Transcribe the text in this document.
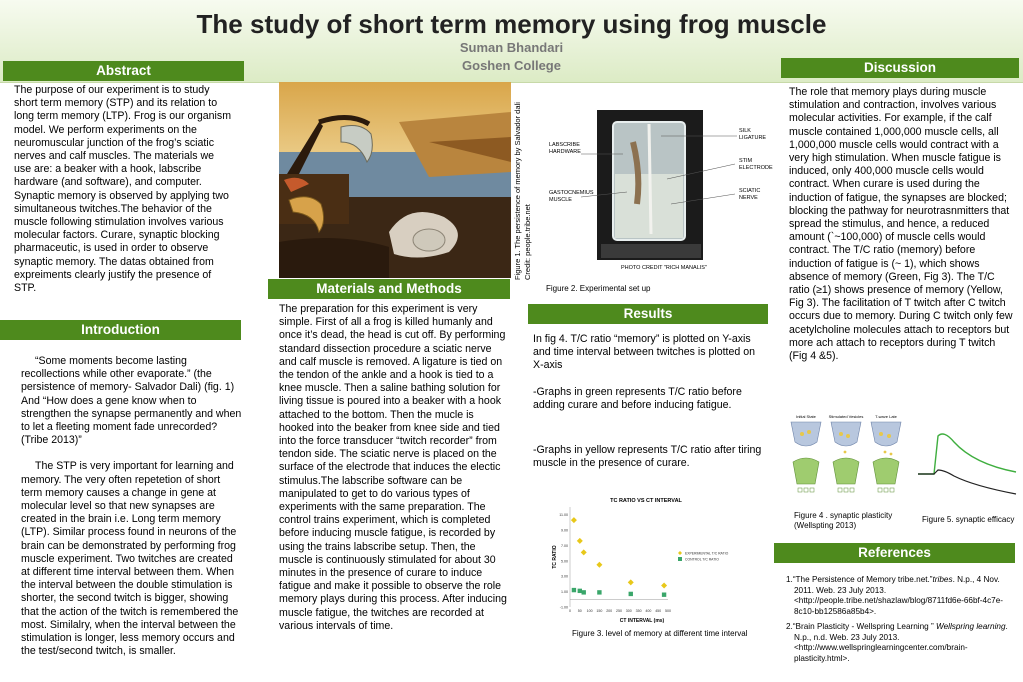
The study of short term memory using frog muscle
Suman Bhandari
Goshen College
Abstract
The purpose of our experiment is to study short term memory (STP) and its relation to long term memory (LTP). Frog is our organism model. We perform experiments on the neuromuscular junction of the frog’s sciatic nerves and calf muscles. The materials we use are: a beaker with a hook, labscribe hardware (and software), and computer. Synaptic memory is observed by applying two simultaneous twitches.The behavior of the muscle following stimulation involves various molecular factors. Curare, synaptic blocking pharmaceutic, is used in order to observe synaptic memory. The datas obtained from expreiments clearly justify the presence of STP.
Introduction

“Some moments become lasting recollections while other evaporate.” (the persistence of memory- Salvador Dali) (fig. 1) And “How does a gene know when to strengthen the synapse permanently and when to let a fleeting moment fade unrecorded? (Tribe 2013)”

The STP is very important for learning and memory. The very often repetetion of short term memory causes a change in gene at molecular level so that new synapses are created in the brain i.e. Long term memory (LTP). Similar process found in neurons of the brain can be demonstrated by performing frog muscle experiment. Two twitches are created at different time interval between them. When the interval between the double stimulation is shorter, the second twitch is bigger, showing that the action of the twitch is remembered the most. Similalry, when the interval between the stimulation is longer, less memory occurs and the test/second twitch, is smaller.

Figure 1. The persistence of memory by Salvador dali Credit: people.tribe.net
LABSCRIBE HARDWARE
GASTOCNEMIUS MUSCLE
SILK LIGATURE
STIM ELECTRODE
SCIATIC NERVE
PHOTO CREDIT "RICH MANALIS"
Figure 2. Experimental set up
Materials and Methods
The preparation for this experiment is very simple. First of all a frog is killed humanly and once it’s dead, the head is cut off. By performing standard dissection procedure a sciatic nerve and calf muscle is removed. A ligature is tied on the tendon of the ankle and a hook is tied to a knee muscle. Then a saline bathing solution for living tissue is poured into a beaker with a hook attached to the bottom. Then the mucle is hooked into the beaker from knee side and tied into the force transducer “twitch recorder” from tendon side. The sciatic nerve is placed on the surface of the electrode that induces the electic stimulus.The labscribe software can be manipulated to get to do various types of experiments with the same preparation. The control trains experiment, which is completed before inducing muscle fatigue, is recorded by using the trains labscribe setup. Then, the muscle is continuously stimulated for about 30 minutes in the presence of curare to induce fatigue and make it possible to observe the role memory plays during this process. After inducing muscle fatigue, the twitches are recorded at various intervals of time.
Results

In fig 4. T/C ratio “memory” is plotted on Y-axis and time interval between twitches is plotted on X-axis

-Graphs in green represents T/C ratio before adding curare and before inducing fatigue.

-Graphs in yellow represents T/C ratio after tiring muscle in the presence of curare.

TC RATIO VS CT INTERVAL
CT INTERVAL (ms)
TC RATIO
-1.00
1.00
3.00
5.00
7.00
9.00
11.00
0 50 100 150 200 250 300 350 400 450 500
EXPERIMENTAL T/C RATIO
CONTROL T/C RATIO
Figure 3. level of memory at different time interval
Discussion
The role that memory plays during muscle stimulation and contraction, involves various molecular activities. For example, if the calf muscle contained 1,000,000 muscle cells, all 1,000,000 muscle cells would contract with a very high stimulation. When muscle fatigue is induced, only 400,000 muscle cells would contract. When curare is used during the induction of fatigue, the synapses are blocked; blocking the pathway for neurotrasnmitters that spread the stimulus, and hence, a reduced amount (`~100,000) of muscle cells would contract. The T/C ratio (memory) before induction of fatigue is (~ 1), which shows absence of memory (Green, Fig 3). The T/C ratio (≥1) shows presence of memory (Yellow, Fig 3). The facilitation of T twitch after C twitch occurs due to memory. During C twitch only few acetylcholine molecules attach to receptors but more ach attach to receptors during T twitch (Fig 4 &5).
Initial State	Stimulated Vesicles	T-wave Late
Figure 4 . synaptic plasticity (Wellspting 2013)
Figure 5. synaptic efficacy
References
1.“The Persistence of Memory tribe.net.”tribes. N.p., 4 Nov. 2011. Web. 23 July 2013. <http://people.tribe.net/shazlaw/blog/8711fd6e-66bf-4c7e-8c10-bb12586a85b4>.
2.“Brain Plasticity - Wellspring Learning ” Wellspring learning. N.p., n.d. Web. 23 July 2013. <http://www.wellspringlearningcenter.com/brain-plasticity.html>.
